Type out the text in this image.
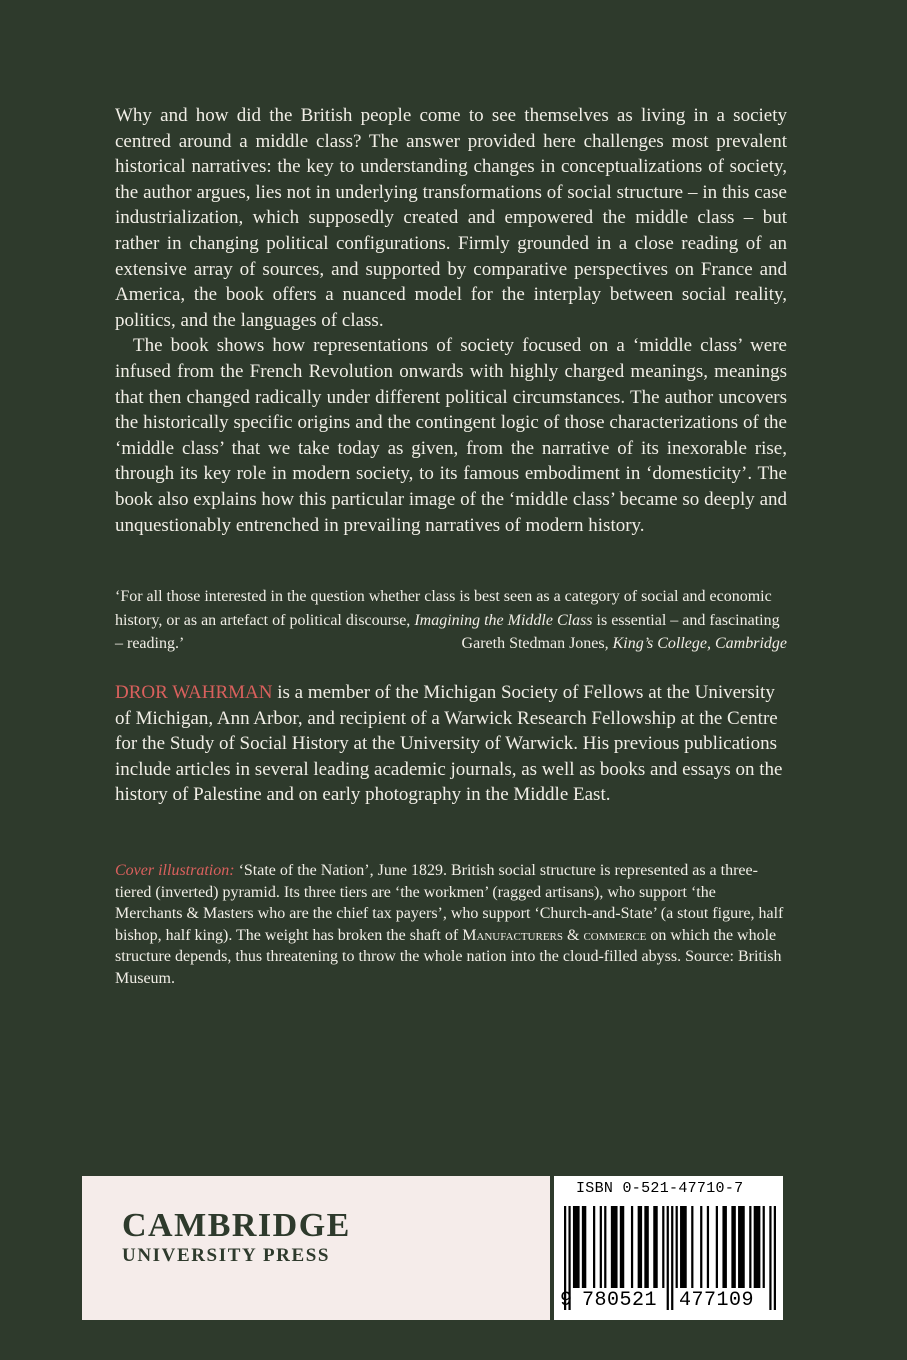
Why and how did the British people come to see themselves as living in a society centred around a middle class? The answer provided here challenges most prevalent historical narratives: the key to understanding changes in conceptualizations of society, the author argues, lies not in underlying transformations of social structure – in this case industrialization, which supposedly created and empowered the middle class – but rather in changing political configurations. Firmly grounded in a close reading of an extensive array of sources, and supported by comparative perspectives on France and America, the book offers a nuanced model for the interplay between social reality, politics, and the languages of class.

The book shows how representations of society focused on a ‘middle class’ were infused from the French Revolution onwards with highly charged meanings, meanings that then changed radically under different political circumstances. The author uncovers the historically specific origins and the contingent logic of those characterizations of the ‘middle class’ that we take today as given, from the narrative of its inexorable rise, through its key role in modern society, to its famous embodiment in ‘domesticity’. The book also explains how this particular image of the ‘middle class’ became so deeply and unquestionably entrenched in prevailing narratives of modern history.

‘For all those interested in the question whether class is best seen as a category of social and economic history, or as an artefact of political discourse, Imagining the Middle Class is essential – and fascinating – reading.’	Gareth Stedman Jones, King’s College, Cambridge
DROR WAHRMAN is a member of the Michigan Society of Fellows at the University of Michigan, Ann Arbor, and recipient of a Warwick Research Fellowship at the Centre for the Study of Social History at the University of Warwick. His previous publications include articles in several leading academic journals, as well as books and essays on the history of Palestine and on early photography in the Middle East.
Cover illustration: ‘State of the Nation’, June 1829. British social structure is represented as a three-tiered (inverted) pyramid. Its three tiers are ‘the workmen’ (ragged artisans), who support ‘the Merchants & Masters who are the chief tax payers’, who support ‘Church-and-State’ (a stout figure, half bishop, half king). The weight has broken the shaft of Manufacturers & commerce on which the whole structure depends, thus threatening to throw the whole nation into the cloud-filled abyss. Source: British Museum.
CAMBRIDGE
UNIVERSITY PRESS
ISBN 0-521-47710-7
9 780521 477109
